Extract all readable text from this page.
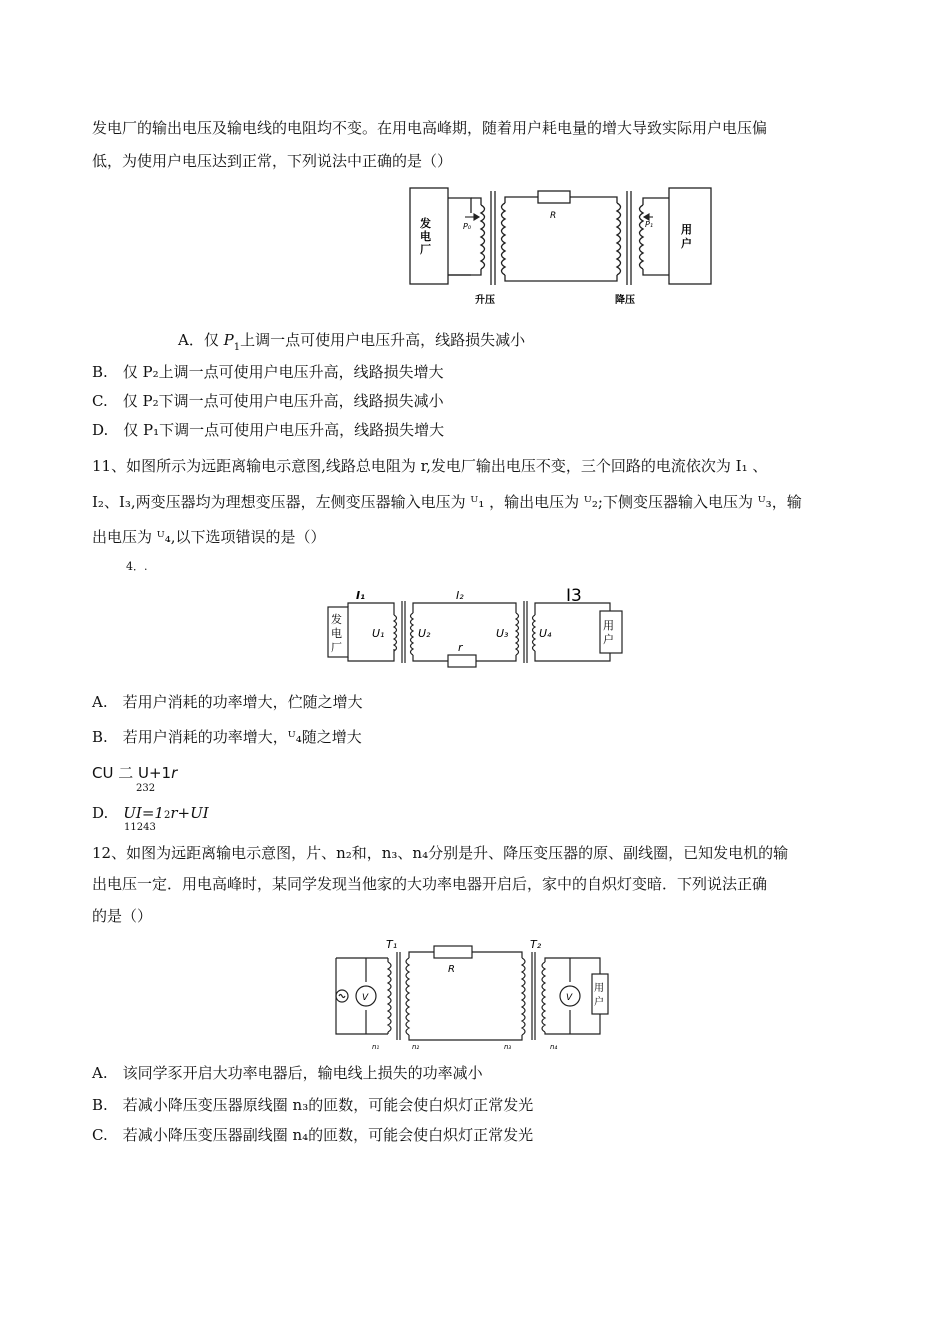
发电厂的输出电压及输电线的电阻均不变。在用电高峰期，随着用户耗电量的增大导致实际用户电压偏
低，为使用户电压达到正常，下列说法中正确的是（）
发
电
厂
用
户
R
P₀	P₁
升压	降压
A．仅 $P_1$上调一点可使用户电压升高，线路损失减小
B.　仅 P₂上调一点可使用户电压升高，线路损失增大
C.　仅 P₂下调一点可使用户电压升高，线路损失减小
D.　仅 P₁下调一点可使用户电压升高，线路损失增大
11、如图所示为远距离输电示意图,线路总电阻为 r,发电厂输出电压不变，三个回路的电流依次为 I₁ 、
I₂、I₃,两变压器均为理想变压器，左侧变压器输入电压为 ᵁ₁ ，输出电压为 ᵁ₂;下侧变压器输入电压为 ᵁ₃，输
出电压为 ᵁ₄,以下选项错误的是（）
4．.
I₁	I₂	I3
发
电
厂
用
户
U₁	U₂	U₃	U₄
r
A.　若用户消耗的功率增大，伫随之增大
B.　若用户消耗的功率增大，ᵁ₄随之增大
CU 二 U+1r
232
D.　UI=12r+UI
11243
12、如图为远距离输电示意图，片、n₂和，n₃、n₄分别是升、降压变压器的原、副线圈，已知发电机的输
出电压一定．用电高峰时，某同学发现当他家的大功率电器开启后，家中的自炽灯变暗．下列说法正确
的是（）
V	V
T₁	T₂
R
用
户
n₁	n₂	n₃	n₄
A.　该同学豕开启大功率电器后，输电线上损失的功率减小
B.　若减小降压变压器原线圈 n₃的匝数，可能会使白炽灯正常发光
C.　若减小降压变压器副线圈 n₄的匝数，可能会使白炽灯正常发光
